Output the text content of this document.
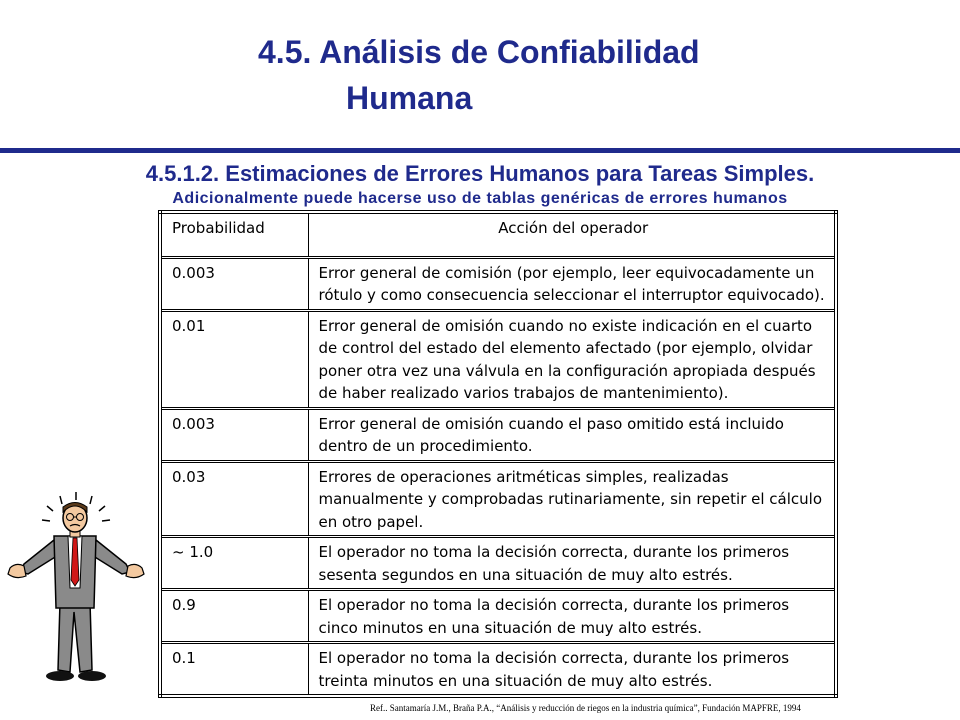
4.5. Análisis de Confiabilidad
Humana
4.5.1.2. Estimaciones de Errores Humanos para Tareas Simples.
Adicionalmente puede hacerse uso de tablas genéricas de errores humanos
Probabilidad	Acción del operador
0.003	Error general de comisión (por ejemplo, leer equivocadamente un rótulo y como consecuencia seleccionar el interruptor equivocado).
0.01	Error general de omisión cuando no existe indicación en el cuarto de control del estado del elemento afectado (por ejemplo, olvidar poner otra vez una válvula en la configuración apropiada después de haber realizado varios trabajos de mantenimiento).
0.003	Error general de omisión cuando el paso omitido está incluido dentro de un procedimiento.
0.03	Errores de operaciones aritméticas simples, realizadas manualmente y comprobadas rutinariamente, sin repetir el cálculo en otro papel.
~ 1.0	El operador no toma la decisión correcta, durante los primeros sesenta segundos en una situación de muy alto estrés.
0.9	El operador no toma la decisión correcta, durante los primeros cinco minutos en una situación de muy alto estrés.
0.1	El operador no toma la decisión correcta, durante los primeros treinta minutos en una situación de muy alto estrés.
Ref.. Santamaría J.M., Braña P.A., “Análisis y reducción de riegos en la industria química”, Fundación MAPFRE, 1994
